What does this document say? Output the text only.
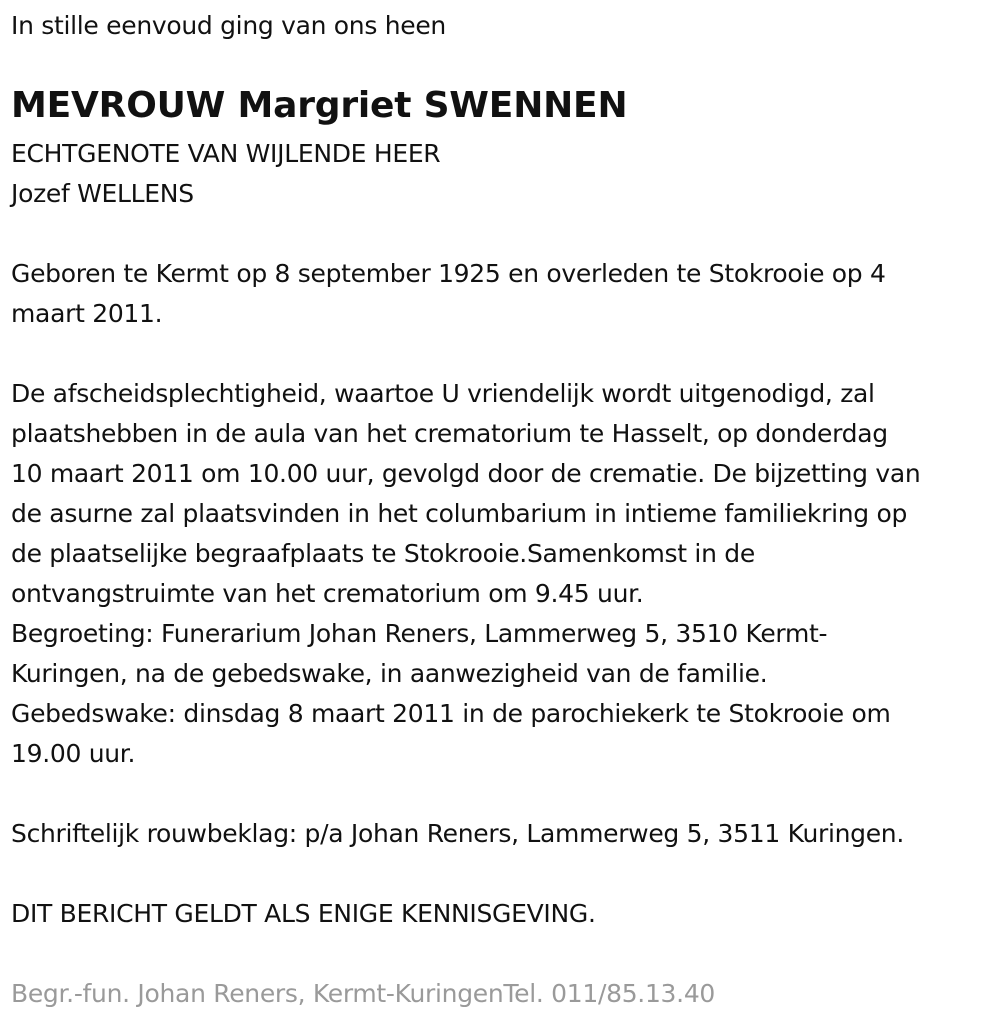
In stille eenvoud ging van ons heen
MEVROUW Margriet SWENNEN
ECHTGENOTE VAN WIJLENDE HEER
Jozef WELLENS
Geboren te Kermt op 8 september 1925 en overleden te Stokrooie op 4
maart 2011.
De afscheidsplechtigheid, waartoe U vriendelijk wordt uitgenodigd, zal
plaatshebben in de aula van het crematorium te Hasselt, op donderdag
10 maart 2011 om 10.00 uur, gevolgd door de crematie. De bijzetting van
de asurne zal plaatsvinden in het columbarium in intieme familiekring op
de plaatselijke begraafplaats te Stokrooie.Samenkomst in de
ontvangstruimte van het crematorium om 9.45 uur.
Begroeting: Funerarium Johan Reners, Lammerweg 5, 3510 Kermt-
Kuringen, na de gebedswake, in aanwezigheid van de familie.
Gebedswake: dinsdag 8 maart 2011 in de parochiekerk te Stokrooie om
19.00 uur.
Schriftelijk rouwbeklag: p/a Johan Reners, Lammerweg 5, 3511 Kuringen.
DIT BERICHT GELDT ALS ENIGE KENNISGEVING.
Begr.-fun. Johan Reners, Kermt-KuringenTel. 011/85.13.40
